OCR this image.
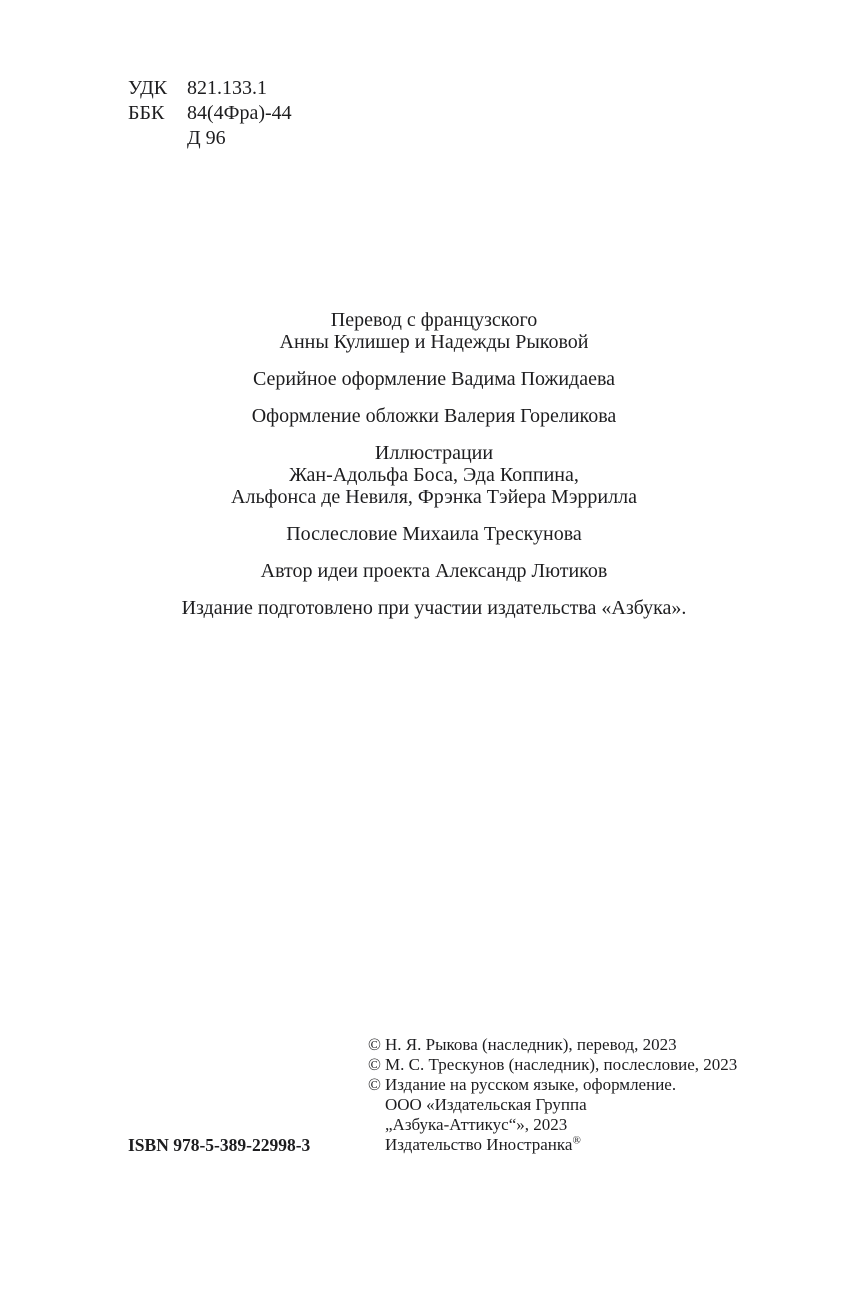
УДК 821.133.1
ББК 84(4Фра)-44
Д 96
Перевод с французского
Анны Кулишер и Надежды Рыковой
Серийное оформление Вадима Пожидаева
Оформление обложки Валерия Гореликова
Иллюстрации
Жан-Адольфа Боса, Эда Коппина,
Альфонса де Невиля, Фрэнка Тэйера Мэррилла
Послесловие Михаила Трескунова
Автор идеи проекта Александр Лютиков
Издание подготовлено при участии издательства «Азбука».
© Н. Я. Рыкова (наследник), перевод, 2023
© М. С. Трескунов (наследник), послесловие, 2023
© Издание на русском языке, оформление.
ООО «Издательская Группа
„Азбука-Аттикус“», 2023
Издательство Иностранка®
ISBN 978-5-389-22998-3
